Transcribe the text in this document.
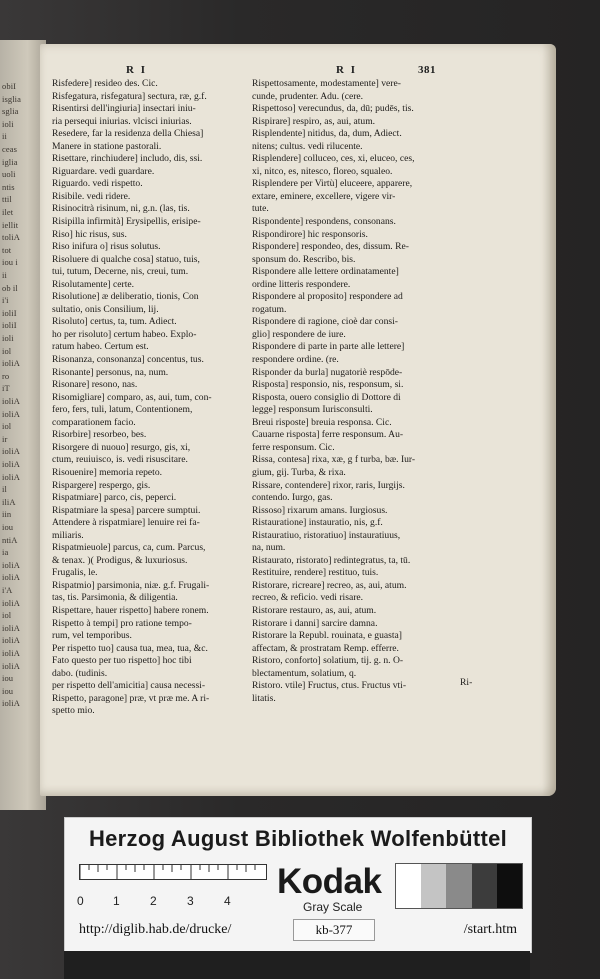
obiI
isglia
sglia
ioli
ii
ceas
iglia
uoli
ntis
ttil
ilet
iellit
toliA
tot
iou i
ii
ob il
i'i
ioliI
ioliI
ioli
iol
ioliA
ro
iT
ioliA
ioliA
iol
ir
ioliA
ioliA
ioliA
il
iliA
iin
iou
ntiA
ia
ioliA
ioliA
i'A
ioliA
iol
ioliA
ioliA
ioliA
ioliA
iou
iou
ioliA
R I	R I	381
Risfedere] resideo des. Cic.
Risfegatura, risfegatura] sectura, ræ, g.f.
Risentirsi dell'ingiuria] insectari iniu-
ria persequi iniurias. vlcisci iniurias.
Resedere, far la residenza della Chiesa]
Manere in statione pastorali.
Risettare, rinchiudere] includo, dis, ssi.
Riguardare. vedi guardare.
Riguardo. vedi rispetto.
Risibile. vedi ridere.
Risinocitrà risinum, ni, g.n. (las, tis.
Risipilla infirmità] Erysipellis, erisipe-
Riso] hic risus, sus.
Riso inifura o] risus solutus.
Risoluere di qualche cosa] statuo, tuis,
tui, tutum, Decerne, nis, creui, tum.
Risolutamente] certe.
Risolutione] æ deliberatio, tionis, Con
sultatio, onis Consilium, lij.
Risoluto] certus, ta, tum. Adiect.
ho per risoluto] certum habeo. Explo-
ratum habeo. Certum est.
Risonanza, consonanza] concentus, tus.
Risonante] personus, na, num.
Risonare] resono, nas.
Risomigliare] comparo, as, aui, tum, con-
fero, fers, tuli, latum, Contentionem,
comparationem facio.
Risorbire] resorbeo, bes.
Risorgere di nuouo] resurgo, gis, xi,
ctum, reuiuisco, is. vedi risuscitare.
Risouenire] memoria repeto.
Rispargere] respergo, gis.
Rispatmiare] parco, cis, peperci.
Rispatmiare la spesa] parcere sumptui.
Attendere à rispatmiare] lenuire rei fa-
miliaris.
Rispatmieuole] parcus, ca, cum. Parcus,
& tenax. )( Prodigus, & luxuriosus.
Frugalis, le.
Rispatmio] parsimonia, niæ. g.f. Frugali-
tas, tis. Parsimonia, & diligentia.
Rispettare, hauer rispetto] habere ronem.
Rispetto à tempi] pro ratione tempo-
rum, vel temporibus.
Per rispetto tuo] causa tua, mea, tua, &c.
Fato questo per tuo rispetto] hoc tibi
dabo. (tudinis.
per rispetto dell'amicitia] causa necessi-
Rispetto, paragone] præ, vt præ me. A ri-
spetto mio.
Rispettosamente, modestamente] vere-
cunde, prudenter. Adu. (cere.
Rispettoso] verecundus, da, dū; pudēs, tis.
Rispirare] respiro, as, aui, atum.
Risplendente] nitidus, da, dum, Adiect.
nitens; cultus. vedi rilucente.
Risplendere] colluceo, ces, xi, eluceo, ces,
xi, nitco, es, nitesco, floreo, squaleo.
Risplendere per Virtù] eluceere, apparere,
extare, eminere, excellere, vigere vir-
tute.
Rispondente] respondens, consonans.
Rispondirore] hic responsoris.
Rispondere] respondeo, des, dissum. Re-
sponsum do. Rescribo, bis.
Rispondere alle lettere ordinatamente]
ordine litteris respondere.
Rispondere al proposito] respondere ad
rogatum.
Rispondere di ragione, cioè dar consi-
glio] respondere de iure.
Rispondere di parte in parte alle lettere]
respondere ordine. (re.
Risponder da burla] nugatoriè respōde-
Risposta] responsio, nis, responsum, si.
Risposta, ouero consiglio di Dottore di
legge] responsum Iurisconsulti.
Breui risposte] breuia responsa. Cic.
Cauarne risposta] ferre responsum. Au-
ferre responsum. Cic.
Rissa, contesa] rixa, xæ, g f turba, bæ. Iur-
gium, gij. Turba, & rixa.
Rissare, contendere] rixor, raris, Iurgijs.
contendo. Iurgo, gas.
Rissoso] rixarum amans. Iurgiosus.
Ristauratione] instauratio, nis, g.f.
Ristauratiuo, ristoratiuo] instauratiuus,
na, num.
Ristaurato, ristorato] redintegratus, ta, tū.
Restituire, rendere] restituo, tuis.
Ristorare, ricreare] recreo, as, aui, atum.
recreo, & reficio. vedi risare.
Ristorare restauro, as, aui, atum.
Ristorare i danni] sarcire damna.
Ristorare la Republ. rouinata, e guasta]
affectam, & prostratam Remp. efferre.
Ristoro, conforto] solatium, tij. g. n. O-
blectamentum, solatium, q.
Ristoro. vtile] Fructus, ctus. Fructus vti-
litatis.
Ri-
Herzog August Bibliothek Wolfenbüttel
0 1	2	3	4 Kodak
Gray Scale
http://diglib.hab.de/drucke/	kb-377	/start.htm
